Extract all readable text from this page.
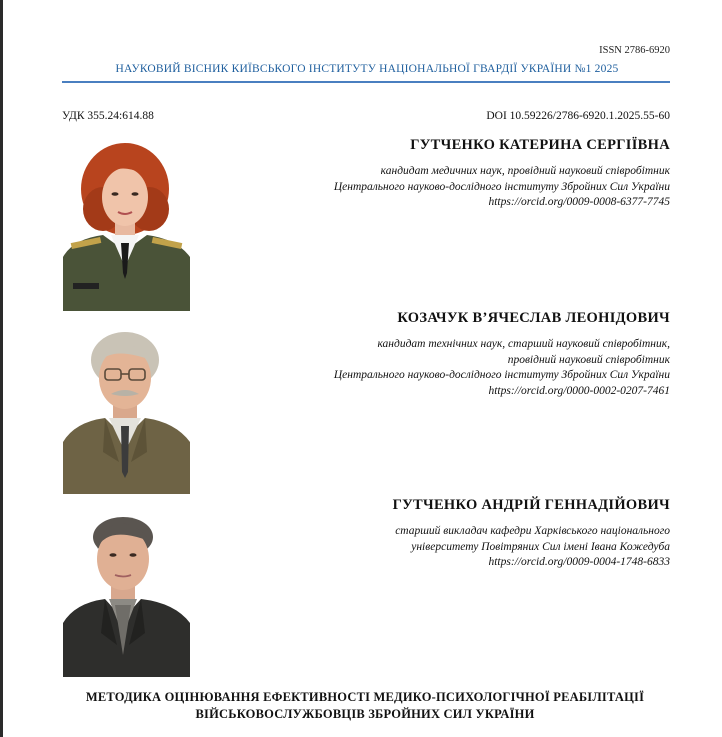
ISSN 2786-6920
НАУКОВИЙ ВІСНИК КИЇВСЬКОГО ІНСТИТУТУ НАЦІОНАЛЬНОЇ ГВАРДІЇ УКРАЇНИ №1 2025
УДК 355.24:614.88	DOI 10.59226/2786-6920.1.2025.55-60
ГУТЧЕНКО КАТЕРИНА СЕРГІЇВНА
кандидат медичних наук, провідний науковий співробітник
Центрального науково-дослідного інституту Збройних Сил України
https://orcid.org/0009-0008-6377-7745
КОЗАЧУК В’ЯЧЕСЛАВ ЛЕОНІДОВИЧ
кандидат технічних наук, старший науковий співробітник,
провідний науковий співробітник
Центрального науково-дослідного інституту Збройних Сил України
https://orcid.org/0000-0002-0207-7461
ГУТЧЕНКО АНДРІЙ ГЕННАДІЙОВИЧ
старший викладач кафедри Харківського національного
університету Повітряних Сил імені Івана Кожедуба
https://orcid.org/0009-0004-1748-6833
МЕТОДИКА ОЦІНЮВАННЯ ЕФЕКТИВНОСТІ МЕДИКО-ПСИХОЛОГІЧНОЇ РЕАБІЛІТАЦІЇ
ВІЙСЬКОВОСЛУЖБОВЦІВ ЗБРОЙНИХ СИЛ УКРАЇНИ
